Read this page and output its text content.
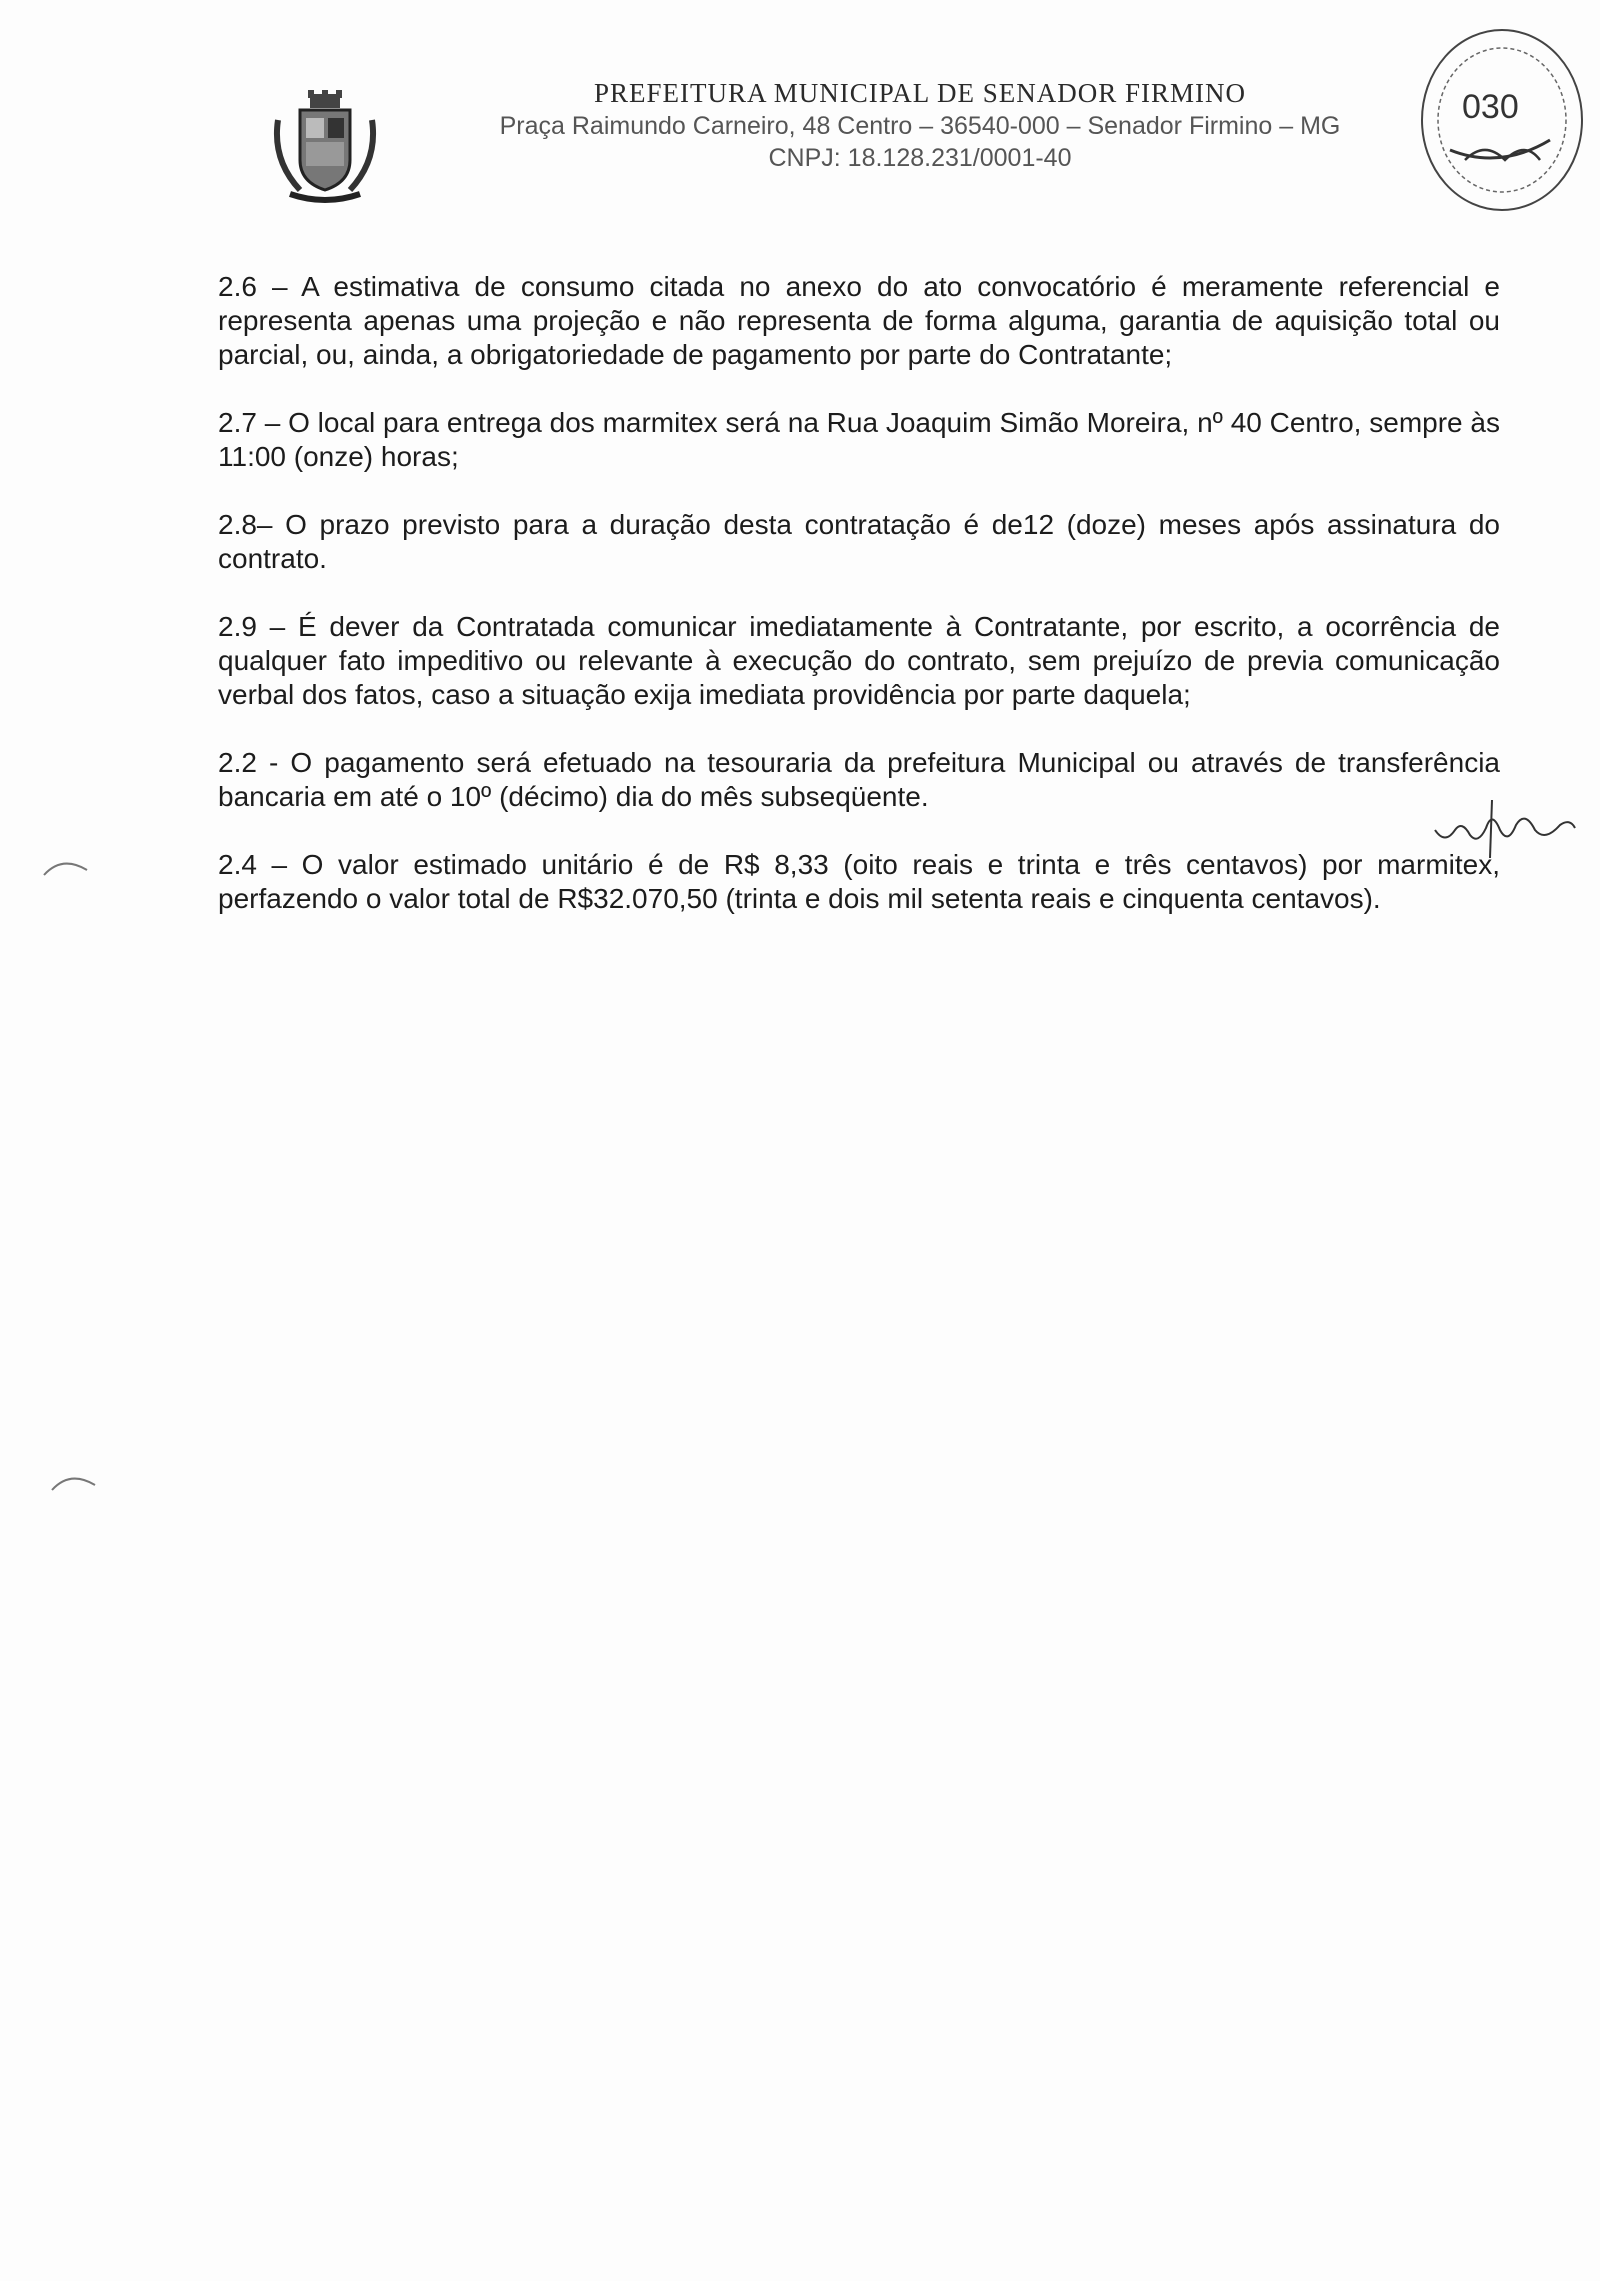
PREFEITURA MUNICIPAL DE SENADOR FIRMINO

Praça Raimundo Carneiro, 48 Centro – 36540-000 – Senador Firmino – MG

CNPJ: 18.128.231/0001-40

030

2.6 – A estimativa de consumo citada no anexo do ato convocatório é meramente referencial e representa apenas uma projeção e não representa de forma alguma, garantia de aquisição total ou parcial, ou, ainda, a obrigatoriedade de pagamento por parte do Contratante;

2.7 – O local para entrega dos marmitex será na Rua Joaquim Simão Moreira, nº 40 Centro, sempre às 11:00 (onze) horas;

2.8– O prazo previsto para a duração desta contratação é de12 (doze) meses após assinatura do contrato.

2.9 – É dever da Contratada comunicar imediatamente à Contratante, por escrito, a ocorrência de qualquer fato impeditivo ou relevante à execução do contrato, sem prejuízo de previa comunicação verbal dos fatos, caso a situação exija imediata providência por parte daquela;

2.2 - O pagamento será efetuado na tesouraria da prefeitura Municipal ou através de transferência bancaria em até o 10º (décimo) dia do mês subseqüente.

2.4 – O valor estimado unitário é de R$ 8,33 (oito reais e trinta e três centavos) por marmitex, perfazendo o valor total de R$32.070,50 (trinta e dois mil setenta reais e cinquenta centavos).
